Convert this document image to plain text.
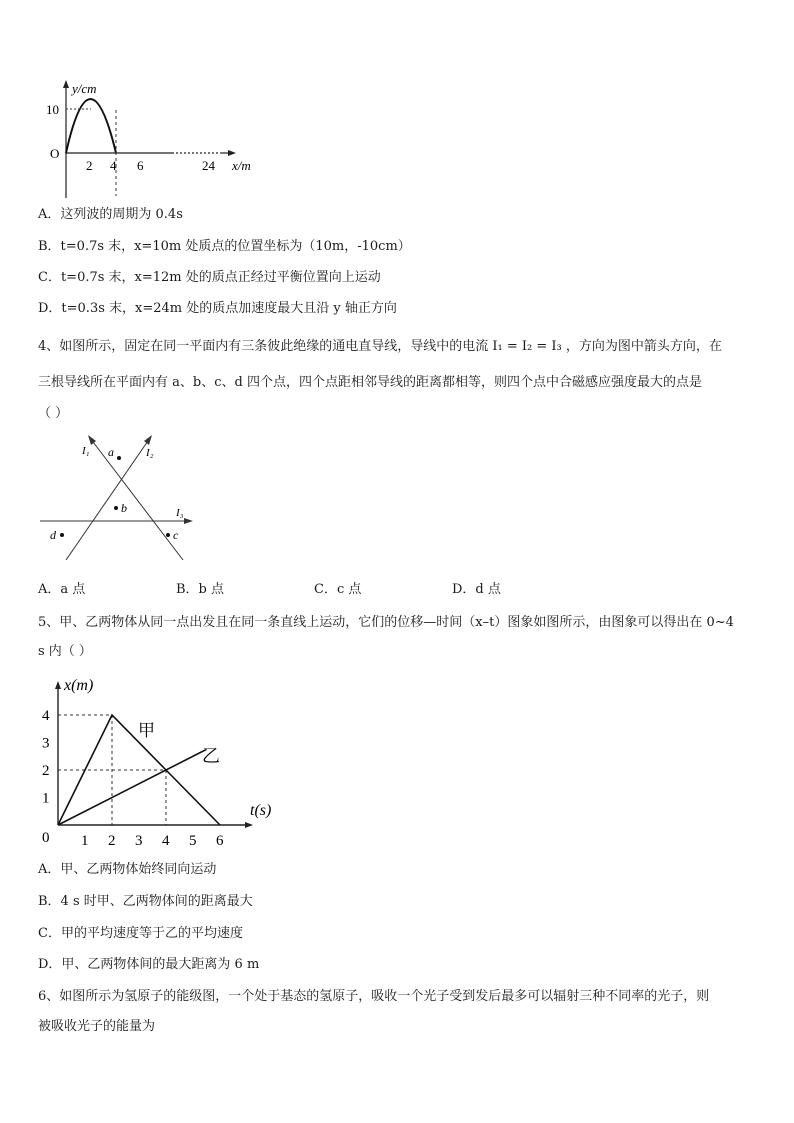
y/cm
10
O
2 4 6	24 x/m
A．这列波的周期为 0.4s
B．t=0.7s 末，x=10m 处质点的位置坐标为（10m，-10cm）
C．t=0.7s 末，x=12m 处的质点正经过平衡位置向上运动
D．t=0.3s 末，x=24m 处的质点加速度最大且沿 y 轴正方向
4、如图所示，固定在同一平面内有三条彼此绝缘的通电直导线，导线中的电流 I₁ = I₂ = I₃ ，方向为图中箭头方向，在
三根导线所在平面内有 a、b、c、d 四个点，四个点距相邻导线的距离都相等，则四个点中合磁感应强度最大的点是
（ ）
I₁	I₂
I₃
a
b
c
d
A．a 点	B．b 点	C．c 点	D．d 点
5、甲、乙两物体从同一点出发且在同一条直线上运动，它们的位移—时间（x–t）图象如图所示，由图象可以得出在 0~4
s 内（ ）
x(m)
t(s)
0 1 2 3 4 5 6
1
2
3
4
甲
乙
A．甲、乙两物体始终同向运动
B．4 s 时甲、乙两物体间的距离最大
C．甲的平均速度等于乙的平均速度
D．甲、乙两物体间的最大距离为 6 m
6、如图所示为氢原子的能级图，一个处于基态的氢原子，吸收一个光子受到发后最多可以辐射三种不同率的光子，则
被吸收光子的能量为
